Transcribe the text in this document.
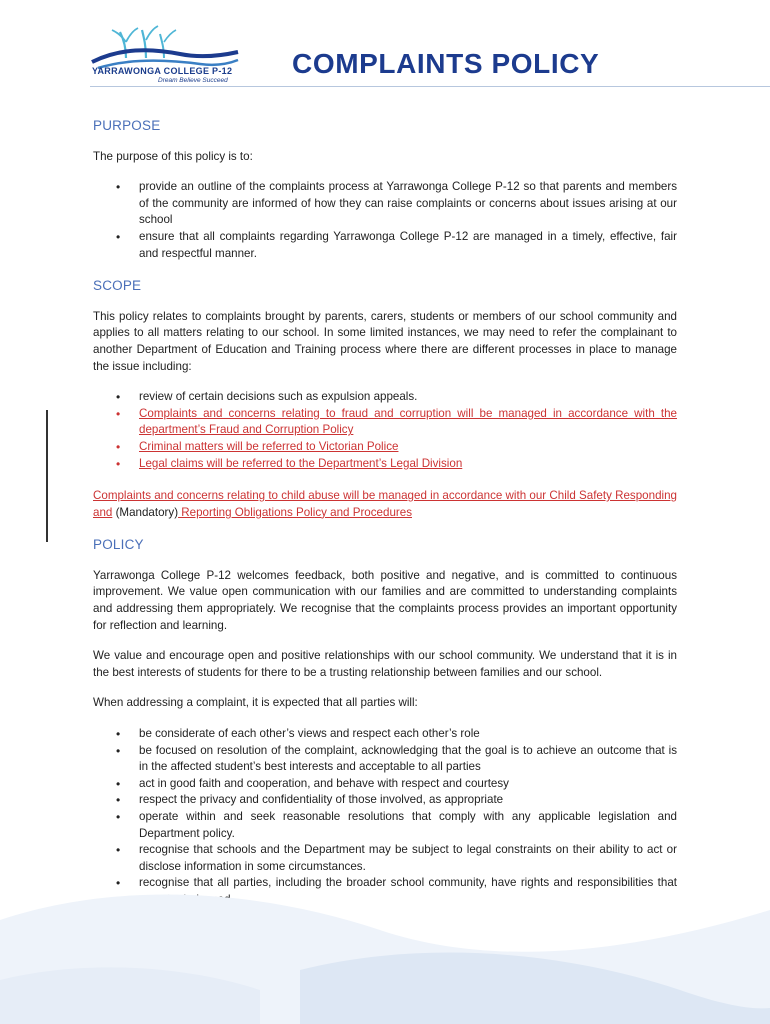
YARRAWONGA COLLEGE P-12
Dream Believe Succeed
COMPLAINTS POLICY
PURPOSE

The purpose of this policy is to:

• provide an outline of the complaints process at Yarrawonga College P-12 so that parents and members of the community are informed of how they can raise complaints or concerns about issues arising at our school
• ensure that all complaints regarding Yarrawonga College P-12 are managed in a timely, effective, fair and respectful manner.
SCOPE

This policy relates to complaints brought by parents, carers, students or members of our school community and applies to all matters relating to our school. In some limited instances, we may need to refer the complainant to another Department of Education and Training process where there are different processes in place to manage the issue including:

• review of certain decisions such as expulsion appeals.
• Complaints and concerns relating to fraud and corruption will be managed in accordance with the department’s Fraud and Corruption Policy
• Criminal matters will be referred to Victorian Police
• Legal claims will be referred to the Department’s Legal Division

Complaints and concerns relating to child abuse will be managed in accordance with our Child Safety Responding and (Mandatory) Reporting Obligations Policy and Procedures

POLICY

Yarrawonga College P-12 welcomes feedback, both positive and negative, and is committed to continuous improvement. We value open communication with our families and are committed to understanding complaints and addressing them appropriately. We recognise that the complaints process provides an important opportunity for reflection and learning.

We value and encourage open and positive relationships with our school community. We understand that it is in the best interests of students for there to be a trusting relationship between families and our school.

When addressing a complaint, it is expected that all parties will:

• be considerate of each other’s views and respect each other’s role
• be focused on resolution of the complaint, acknowledging that the goal is to achieve an outcome that is in the affected student’s best interests and acceptable to all parties
• act in good faith and cooperation, and behave with respect and courtesy
• respect the privacy and confidentiality of those involved, as appropriate
• operate within and seek reasonable resolutions that comply with any applicable legislation and Department policy.
• recognise that schools and the Department may be subject to legal constraints on their ability to act or disclose information in some circumstances.
• recognise that all parties, including the broader school community, have rights and responsibilities that
